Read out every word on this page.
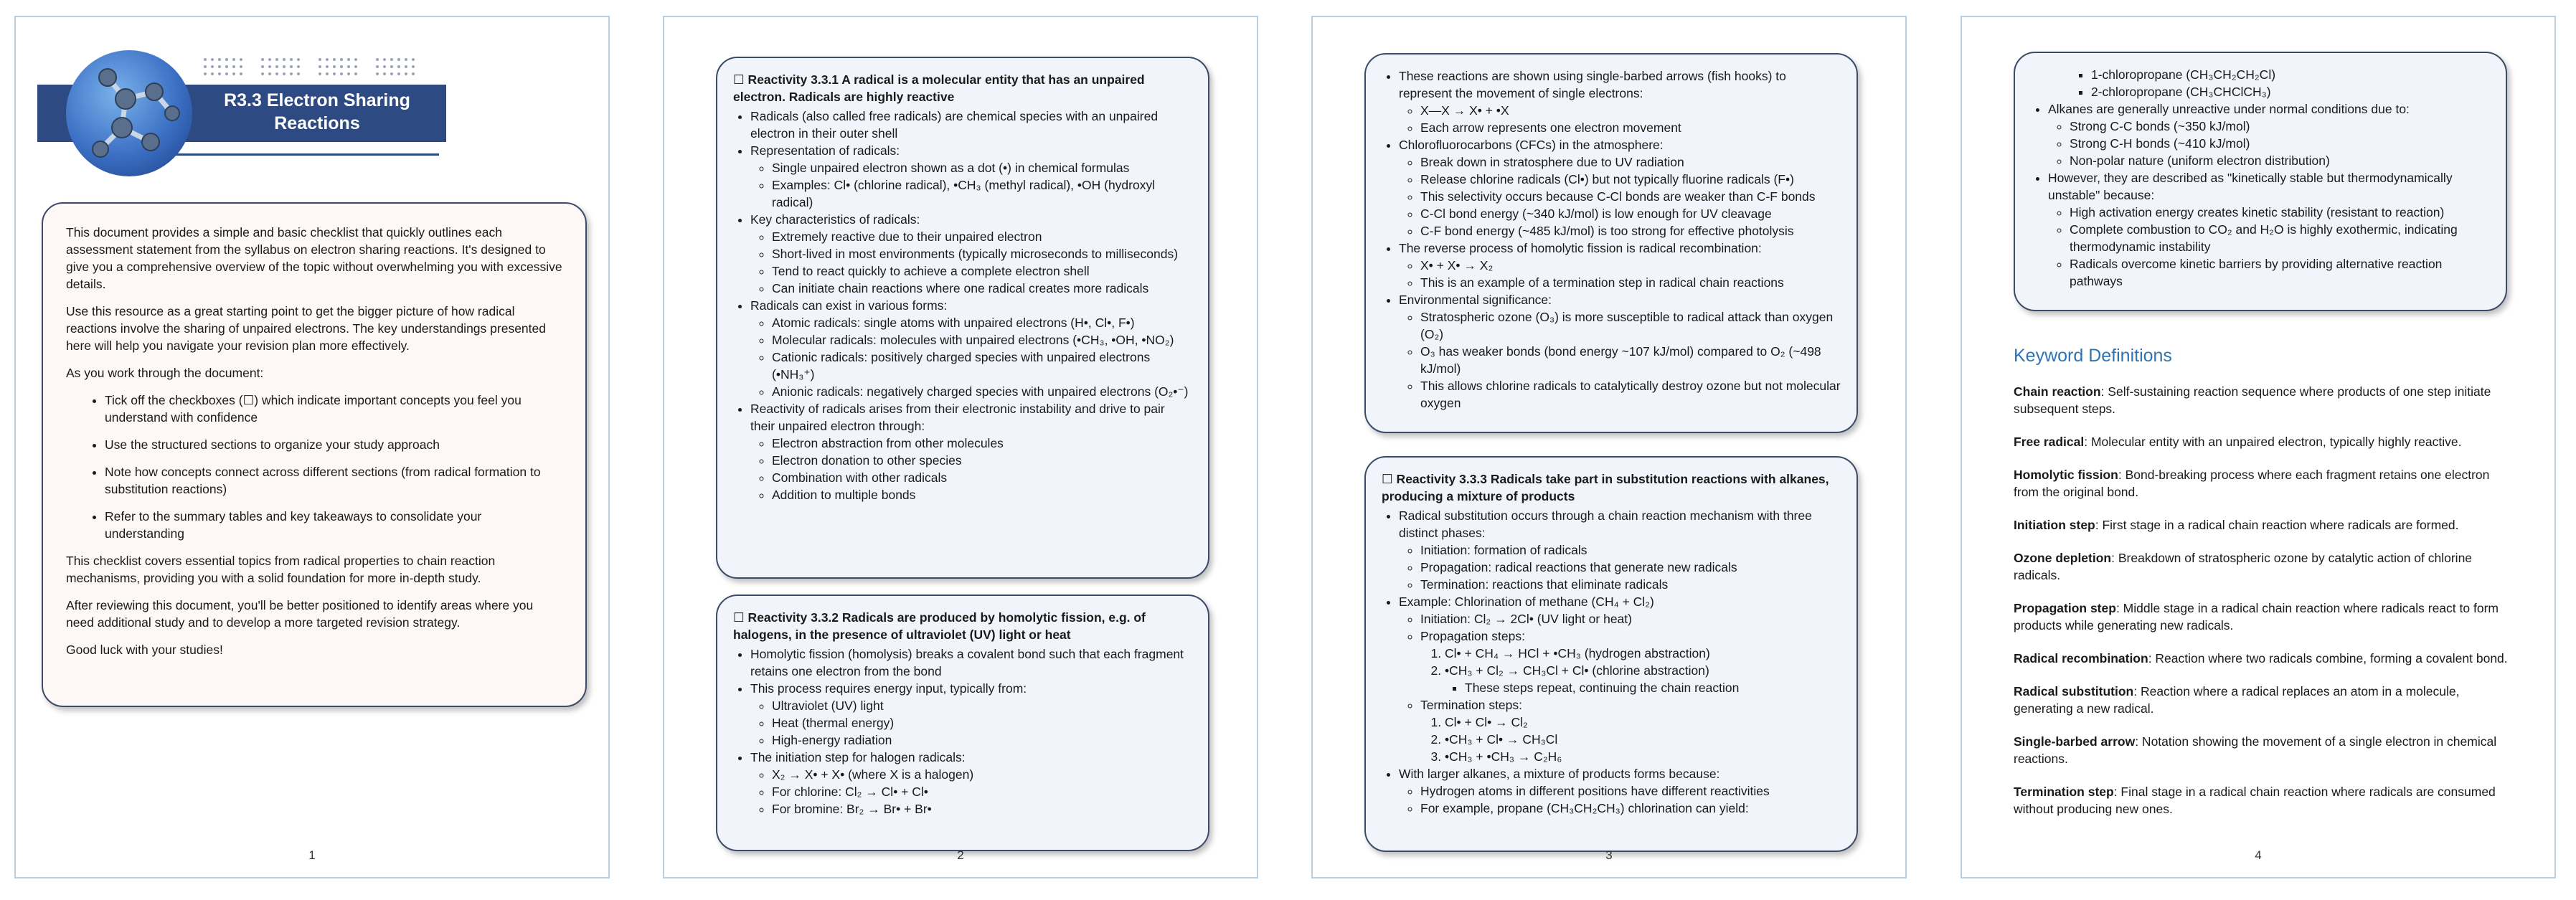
R3.3 Electron Sharing
Reactions

This document provides a simple and basic checklist that quickly outlines each assessment statement from the syllabus on electron sharing reactions. It's designed to give you a comprehensive overview of the topic without overwhelming you with excessive details.

Use this resource as a great starting point to get the bigger picture of how radical reactions involve the sharing of unpaired electrons. The key understandings presented here will help you navigate your revision plan more effectively.

As you work through the document:

• Tick off the checkboxes (☐) which indicate important concepts you feel you understand with confidence
• Use the structured sections to organize your study approach
• Note how concepts connect across different sections (from radical formation to substitution reactions)
• Refer to the summary tables and key takeaways to consolidate your understanding

This checklist covers essential topics from radical properties to chain reaction mechanisms, providing you with a solid foundation for more in-depth study.

After reviewing this document, you'll be better positioned to identify areas where you need additional study and to develop a more targeted revision strategy.

Good luck with your studies!

1
☐ Reactivity 3.3.1 A radical is a molecular entity that has an unpaired electron. Radicals are highly reactive
• Radicals (also called free radicals) are chemical species with an unpaired electron in their outer shell
• Representation of radicals:
◦ Single unpaired electron shown as a dot (•) in chemical formulas
◦ Examples: Cl• (chlorine radical), •CH₃ (methyl radical), •OH (hydroxyl radical)
• Key characteristics of radicals:
◦ Extremely reactive due to their unpaired electron
◦ Short-lived in most environments (typically microseconds to milliseconds)
◦ Tend to react quickly to achieve a complete electron shell
◦ Can initiate chain reactions where one radical creates more radicals
• Radicals can exist in various forms:
◦ Atomic radicals: single atoms with unpaired electrons (H•, Cl•, F•)
◦ Molecular radicals: molecules with unpaired electrons (•CH₃, •OH, •NO₂)
◦ Cationic radicals: positively charged species with unpaired electrons (•NH₃⁺)
◦ Anionic radicals: negatively charged species with unpaired electrons (O₂•⁻)
• Reactivity of radicals arises from their electronic instability and drive to pair their unpaired electron through:
◦ Electron abstraction from other molecules
◦ Electron donation to other species
◦ Combination with other radicals
◦ Addition to multiple bonds
☐ Reactivity 3.3.2 Radicals are produced by homolytic fission, e.g. of halogens, in the presence of ultraviolet (UV) light or heat
• Homolytic fission (homolysis) breaks a covalent bond such that each fragment retains one electron from the bond
• This process requires energy input, typically from:
◦ Ultraviolet (UV) light
◦ Heat (thermal energy)
◦ High-energy radiation
• The initiation step for halogen radicals:
◦ X₂ → X• + X• (where X is a halogen)
◦ For chlorine: Cl₂ → Cl• + Cl•
◦ For bromine: Br₂ → Br• + Br•
2
• These reactions are shown using single-barbed arrows (fish hooks) to represent the movement of single electrons:
◦ X—X → X• + •X
◦ Each arrow represents one electron movement
• Chlorofluorocarbons (CFCs) in the atmosphere:
◦ Break down in stratosphere due to UV radiation
◦ Release chlorine radicals (Cl•) but not typically fluorine radicals (F•)
◦ This selectivity occurs because C-Cl bonds are weaker than C-F bonds
◦ C-Cl bond energy (~340 kJ/mol) is low enough for UV cleavage
◦ C-F bond energy (~485 kJ/mol) is too strong for effective photolysis
• The reverse process of homolytic fission is radical recombination:
◦ X• + X• → X₂
◦ This is an example of a termination step in radical chain reactions
• Environmental significance:
◦ Stratospheric ozone (O₃) is more susceptible to radical attack than oxygen (O₂)
◦ O₃ has weaker bonds (bond energy ~107 kJ/mol) compared to O₂ (~498 kJ/mol)
◦ This allows chlorine radicals to catalytically destroy ozone but not molecular oxygen
☐ Reactivity 3.3.3 Radicals take part in substitution reactions with alkanes, producing a mixture of products
• Radical substitution occurs through a chain reaction mechanism with three distinct phases:
◦ Initiation: formation of radicals
◦ Propagation: radical reactions that generate new radicals
◦ Termination: reactions that eliminate radicals
• Example: Chlorination of methane (CH₄ + Cl₂)
◦ Initiation: Cl₂ → 2Cl• (UV light or heat)
◦ Propagation steps:
1. Cl• + CH₄ → HCl + •CH₃ (hydrogen abstraction)
2. •CH₃ + Cl₂ → CH₃Cl + Cl• (chlorine abstraction)
▪ These steps repeat, continuing the chain reaction
◦ Termination steps:
1. Cl• + Cl• → Cl₂
2. •CH₃ + Cl• → CH₃Cl
3. •CH₃ + •CH₃ → C₂H₆
• With larger alkanes, a mixture of products forms because:
◦ Hydrogen atoms in different positions have different reactivities
◦ For example, propane (CH₃CH₂CH₃) chlorination can yield:
3
▪ 1-chloropropane (CH₃CH₂CH₂Cl)
▪ 2-chloropropane (CH₃CHClCH₃)
• Alkanes are generally unreactive under normal conditions due to:
◦ Strong C-C bonds (~350 kJ/mol)
◦ Strong C-H bonds (~410 kJ/mol)
◦ Non-polar nature (uniform electron distribution)
• However, they are described as "kinetically stable but thermodynamically unstable" because:
◦ High activation energy creates kinetic stability (resistant to reaction)
◦ Complete combustion to CO₂ and H₂O is highly exothermic, indicating thermodynamic instability
◦ Radicals overcome kinetic barriers by providing alternative reaction pathways
Keyword Definitions

Chain reaction: Self-sustaining reaction sequence where products of one step initiate subsequent steps.

Free radical: Molecular entity with an unpaired electron, typically highly reactive.

Homolytic fission: Bond-breaking process where each fragment retains one electron from the original bond.

Initiation step: First stage in a radical chain reaction where radicals are formed.

Ozone depletion: Breakdown of stratospheric ozone by catalytic action of chlorine radicals.

Propagation step: Middle stage in a radical chain reaction where radicals react to form products while generating new radicals.

Radical recombination: Reaction where two radicals combine, forming a covalent bond.

Radical substitution: Reaction where a radical replaces an atom in a molecule, generating a new radical.

Single-barbed arrow: Notation showing the movement of a single electron in chemical reactions.

Termination step: Final stage in a radical chain reaction where radicals are consumed without producing new ones.

4
